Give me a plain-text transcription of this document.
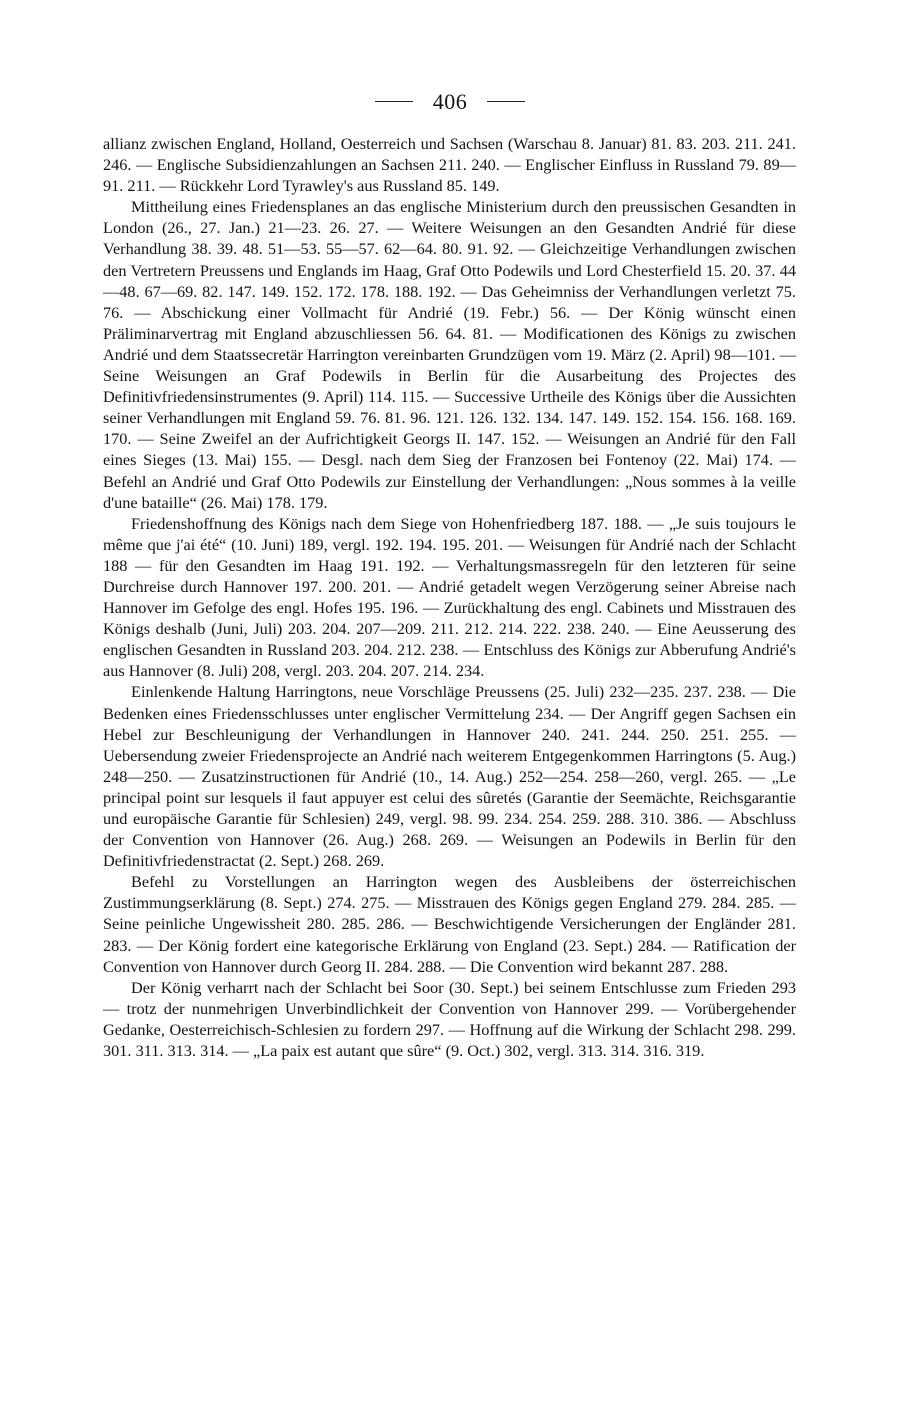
406

allianz zwischen England, Holland, Oesterreich und Sachsen (Warschau 8. Januar) 81. 83. 203. 211. 241. 246. — Englische Subsidienzahlungen an Sachsen 211. 240. — Englischer Einfluss in Russland 79. 89—91. 211. — Rückkehr Lord Tyrawley's aus Russland 85. 149.

Mittheilung eines Friedensplanes an das englische Ministerium durch den preussischen Gesandten in London (26., 27. Jan.) 21—23. 26. 27. — Weitere Weisungen an den Gesandten Andrié für diese Verhandlung 38. 39. 48. 51—53. 55—57. 62—64. 80. 91. 92. — Gleichzeitige Verhandlungen zwischen den Vertretern Preussens und Englands im Haag, Graf Otto Podewils und Lord Chesterfield 15. 20. 37. 44—48. 67—69. 82. 147. 149. 152. 172. 178. 188. 192. — Das Geheimniss der Verhandlungen verletzt 75. 76. — Abschickung einer Vollmacht für Andrié (19. Febr.) 56. — Der König wünscht einen Präliminarvertrag mit England abzuschliessen 56. 64. 81. — Modificationen des Königs zu zwischen Andrié und dem Staatssecretär Harrington vereinbarten Grundzügen vom 19. März (2. April) 98—101. — Seine Weisungen an Graf Podewils in Berlin für die Ausarbeitung des Projectes des Definitivfriedensinstrumentes (9. April) 114. 115. — Successive Urtheile des Königs über die Aussichten seiner Verhandlungen mit England 59. 76. 81. 96. 121. 126. 132. 134. 147. 149. 152. 154. 156. 168. 169. 170. — Seine Zweifel an der Aufrichtigkeit Georgs II. 147. 152. — Weisungen an Andrié für den Fall eines Sieges (13. Mai) 155. — Desgl. nach dem Sieg der Franzosen bei Fontenoy (22. Mai) 174. — Befehl an Andrié und Graf Otto Podewils zur Einstellung der Verhandlungen: „Nous sommes à la veille d'une bataille“ (26. Mai) 178. 179.

Friedenshoffnung des Königs nach dem Siege von Hohenfriedberg 187. 188. — „Je suis toujours le même que j'ai été“ (10. Juni) 189, vergl. 192. 194. 195. 201. — Weisungen für Andrié nach der Schlacht 188 — für den Gesandten im Haag 191. 192. — Verhaltungsmassregeln für den letzteren für seine Durchreise durch Hannover 197. 200. 201. — Andrié getadelt wegen Verzögerung seiner Abreise nach Hannover im Gefolge des engl. Hofes 195. 196. — Zurückhaltung des engl. Cabinets und Misstrauen des Königs deshalb (Juni, Juli) 203. 204. 207—209. 211. 212. 214. 222. 238. 240. — Eine Aeusserung des englischen Gesandten in Russland 203. 204. 212. 238. — Entschluss des Königs zur Abberufung Andrié's aus Hannover (8. Juli) 208, vergl. 203. 204. 207. 214. 234.

Einlenkende Haltung Harringtons, neue Vorschläge Preussens (25. Juli) 232—235. 237. 238. — Die Bedenken eines Friedensschlusses unter englischer Vermittelung 234. — Der Angriff gegen Sachsen ein Hebel zur Beschleunigung der Verhandlungen in Hannover 240. 241. 244. 250. 251. 255. — Uebersendung zweier Friedensprojecte an Andrié nach weiterem Entgegenkommen Harringtons (5. Aug.) 248—250. — Zusatzinstructionen für Andrié (10., 14. Aug.) 252—254. 258—260, vergl. 265. — „Le principal point sur lesquels il faut appuyer est celui des sûretés (Garantie der Seemächte, Reichsgarantie und europäische Garantie für Schlesien) 249, vergl. 98. 99. 234. 254. 259. 288. 310. 386. — Abschluss der Convention von Hannover (26. Aug.) 268. 269. — Weisungen an Podewils in Berlin für den Definitivfriedenstractat (2. Sept.) 268. 269.

Befehl zu Vorstellungen an Harrington wegen des Ausbleibens der österreichischen Zustimmungserklärung (8. Sept.) 274. 275. — Misstrauen des Königs gegen England 279. 284. 285. — Seine peinliche Ungewissheit 280. 285. 286. — Beschwichtigende Versicherungen der Engländer 281. 283. — Der König fordert eine kategorische Erklärung von England (23. Sept.) 284. — Ratification der Convention von Hannover durch Georg II. 284. 288. — Die Convention wird bekannt 287. 288.

Der König verharrt nach der Schlacht bei Soor (30. Sept.) bei seinem Entschlusse zum Frieden 293 — trotz der nunmehrigen Unverbindlichkeit der Convention von Hannover 299. — Vorübergehender Gedanke, Oesterreichisch-Schlesien zu fordern 297. — Hoffnung auf die Wirkung der Schlacht 298. 299. 301. 311. 313. 314. — „La paix est autant que sûre“ (9. Oct.) 302, vergl. 313. 314. 316. 319.
